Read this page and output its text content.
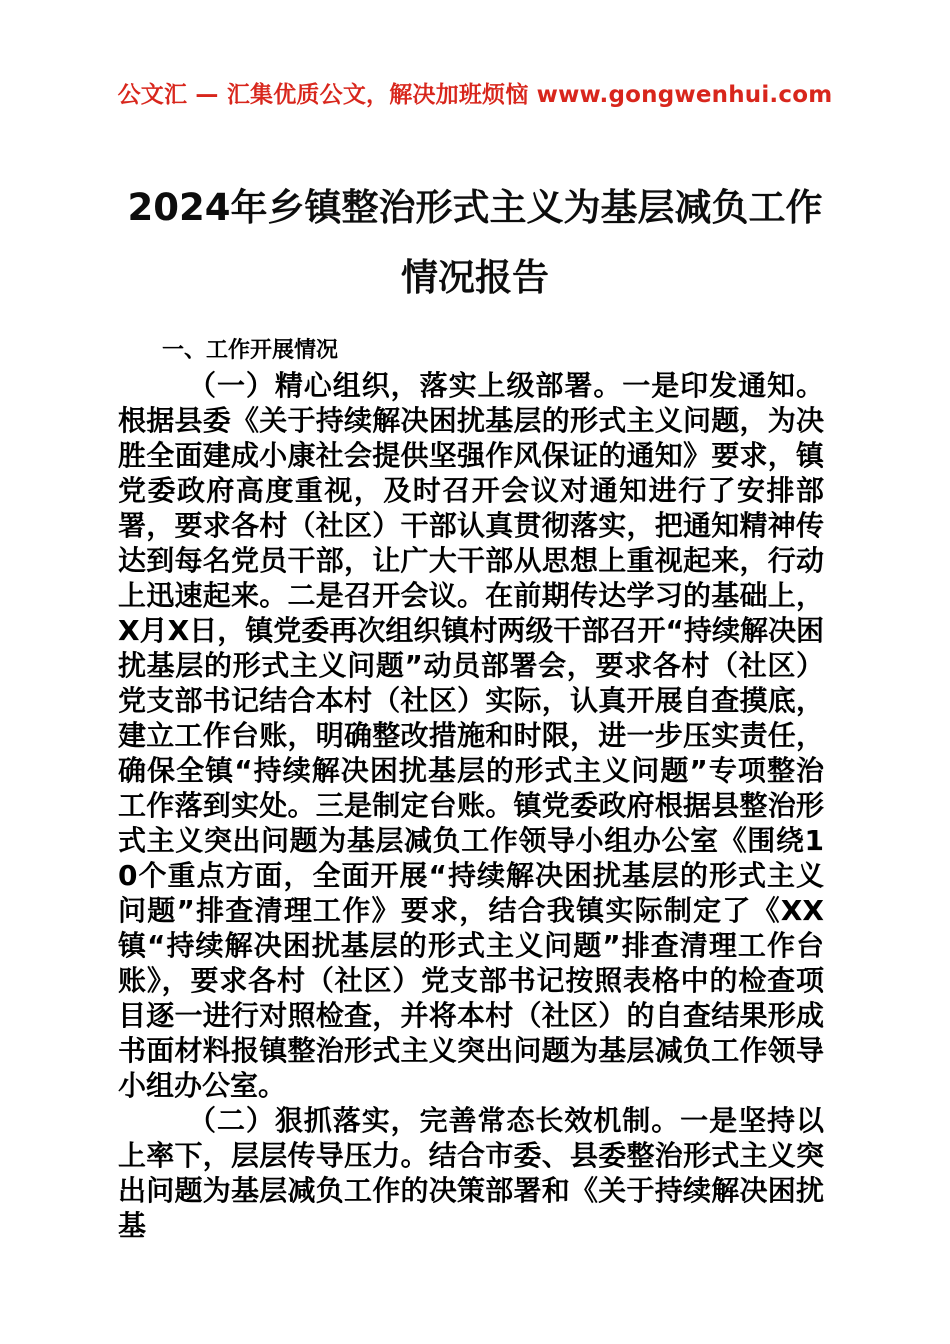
公文汇 — 汇集优质公文，解决加班烦恼 www.gongwenhui.com
2024年乡镇整治形式主义为基层减负工作
情况报告

一、工作开展情况

（一）精心组织，落实上级部署。一是印发通知。根据县委《关于持续解决困扰基层的形式主义问题，为决胜全面建成小康社会提供坚强作风保证的通知》要求，镇党委政府高度重视，及时召开会议对通知进行了安排部署，要求各村（社区）干部认真贯彻落实，把通知精神传达到每名党员干部，让广大干部从思想上重视起来，行动上迅速起来。二是召开会议。在前期传达学习的基础上，X月X日，镇党委再次组织镇村两级干部召开“持续解决困扰基层的形式主义问题”动员部署会，要求各村（社区）党支部书记结合本村（社区）实际，认真开展自查摸底，建立工作台账，明确整改措施和时限，进一步压实责任，确保全镇“持续解决困扰基层的形式主义问题”专项整治工作落到实处。三是制定台账。镇党委政府根据县整治形式主义突出问题为基层减负工作领导小组办公室《围绕10个重点方面，全面开展“持续解决困扰基层的形式主义问题”排查清理工作》要求，结合我镇实际制定了《XX镇“持续解决困扰基层的形式主义问题”排查清理工作台账》，要求各村（社区）党支部书记按照表格中的检查项目逐一进行对照检查，并将本村（社区）的自查结果形成书面材料报镇整治形式主义突出问题为基层减负工作领导小组办公室。

（二）狠抓落实，完善常态长效机制。一是坚持以上率下，层层传导压力。结合市委、县委整治形式主义突出问题为基层减负工作的决策部署和《关于持续解决困扰基
